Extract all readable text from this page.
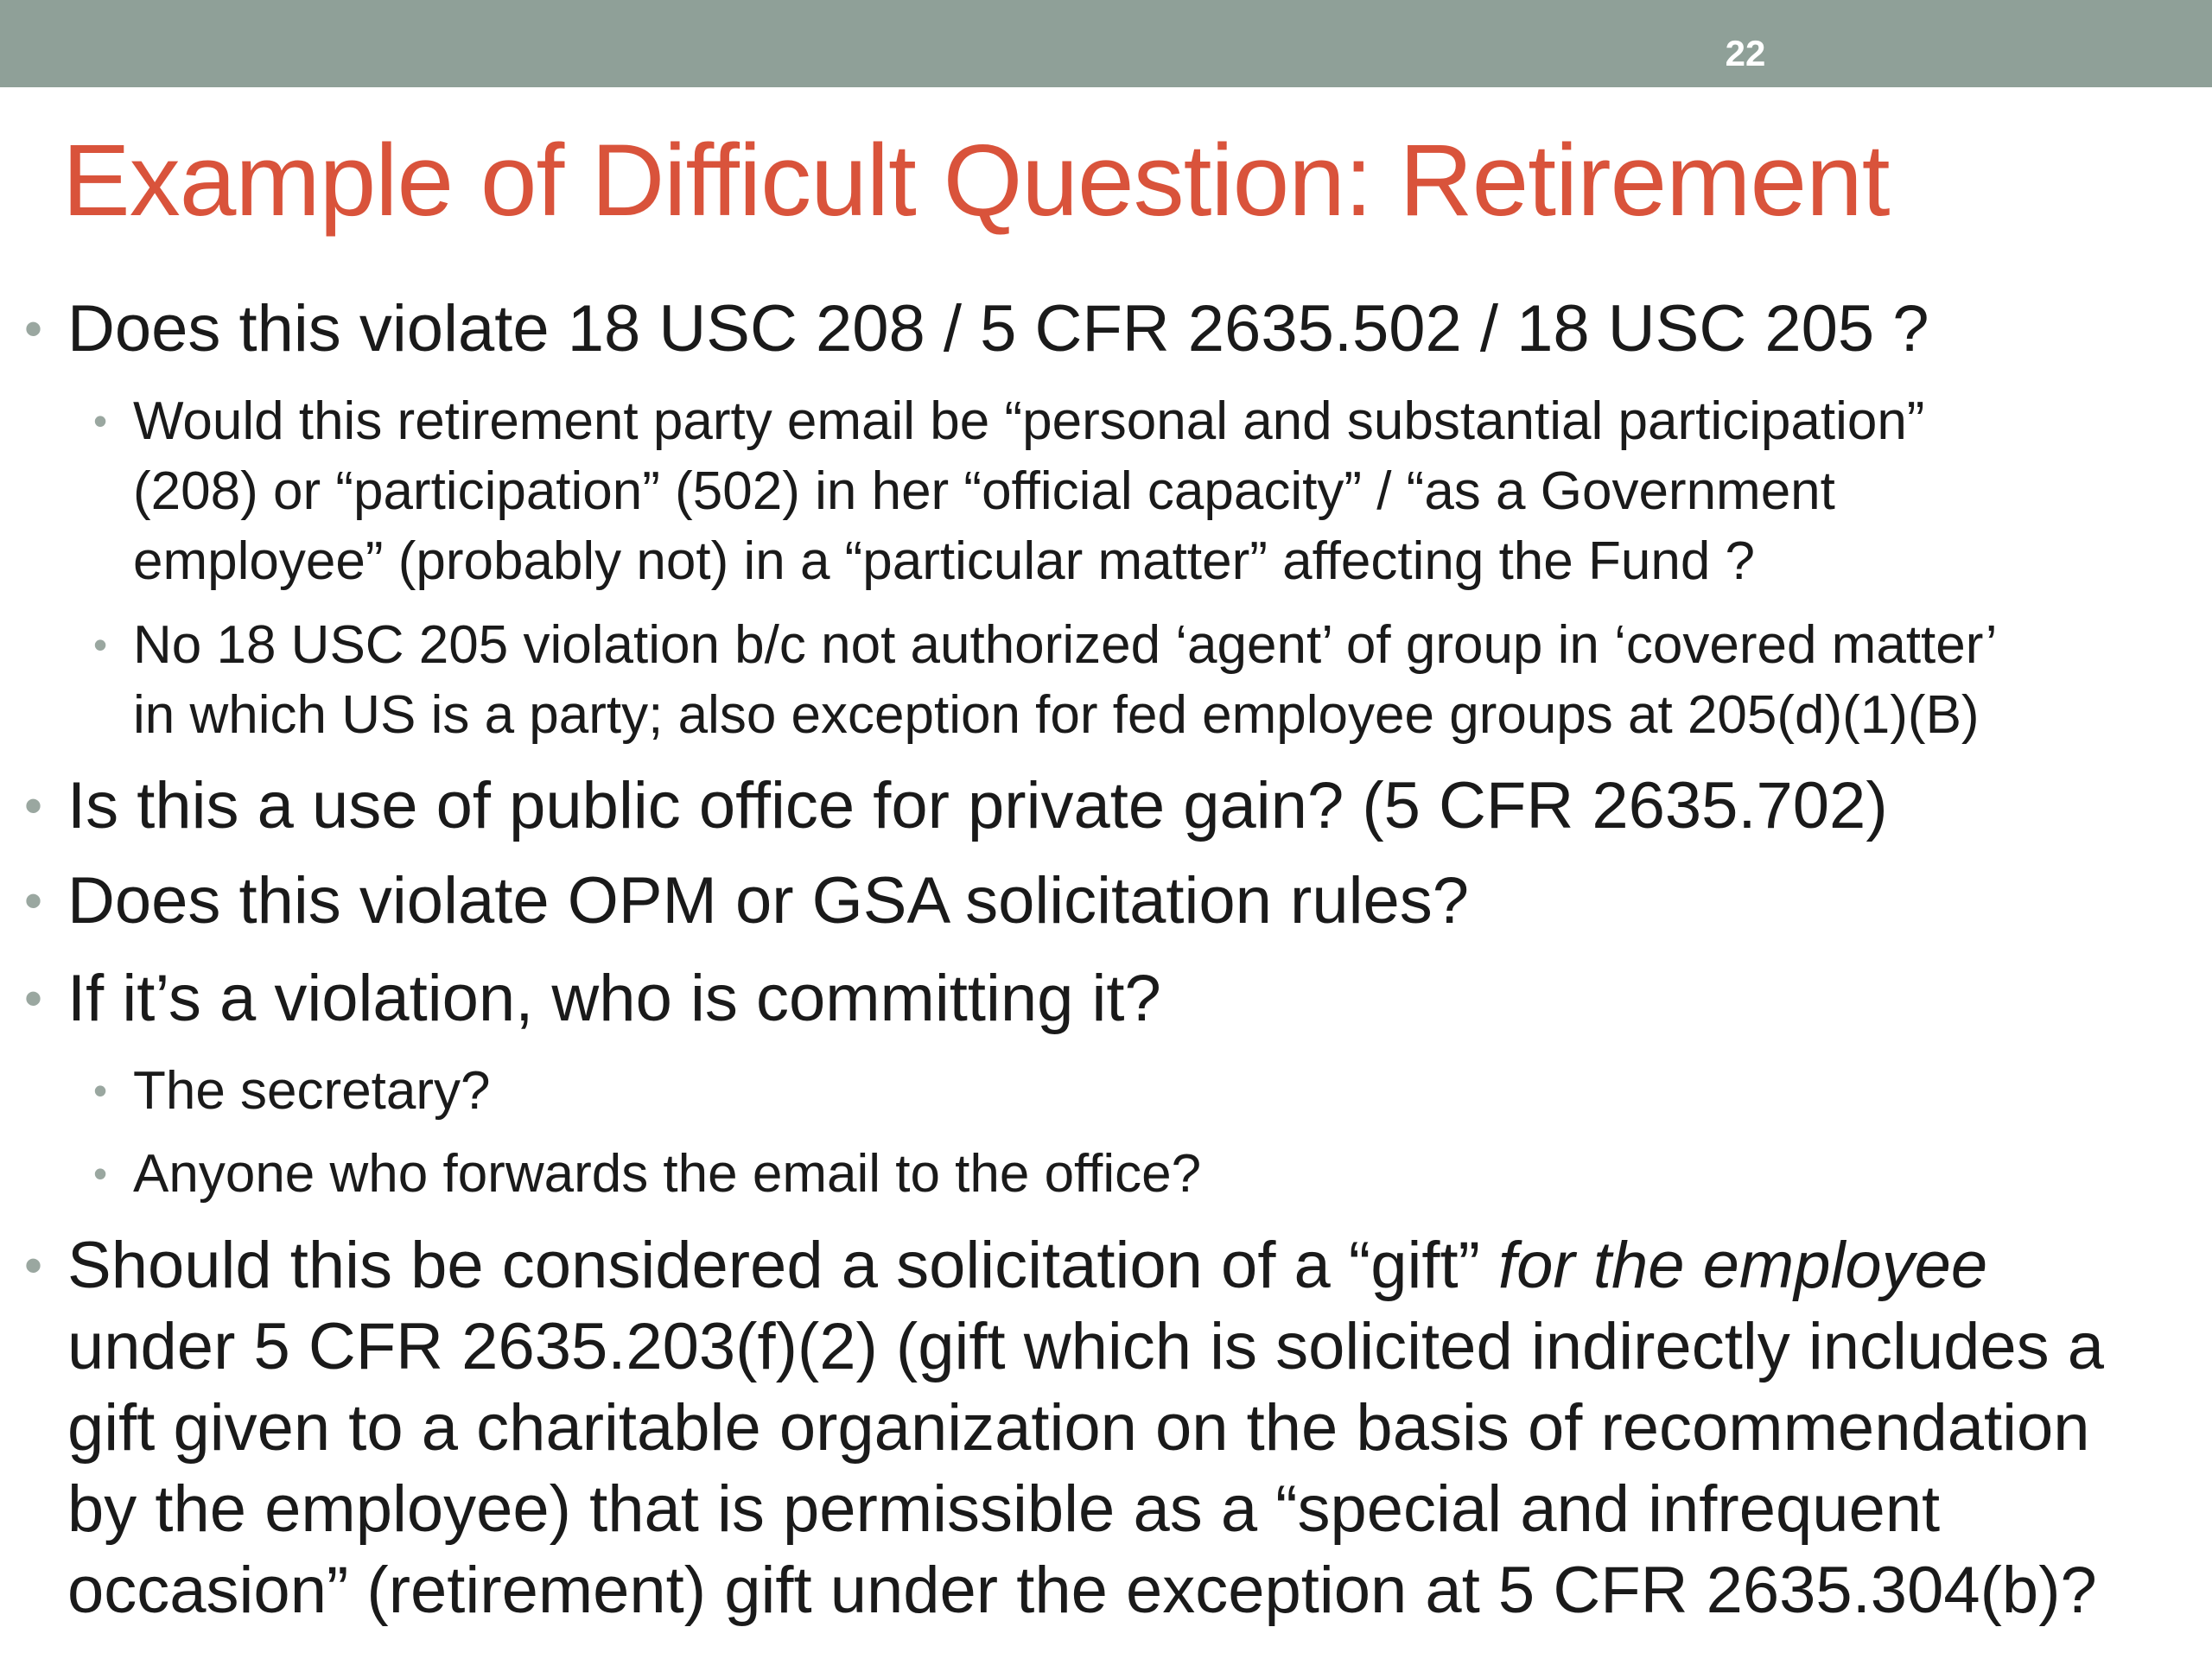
22
Example of Difficult Question: Retirement
• Does this violate 18 USC 208 / 5 CFR 2635.502 / 18 USC 205 ?
• Would this retirement party email be “personal and substantial participation”
(208) or “participation” (502) in her “official capacity” / “as a Government
employee” (probably not) in a “particular matter” affecting the Fund ?
• No 18 USC 205 violation b/c not authorized ‘agent’ of group in ‘covered matter’
in which US is a party; also exception for fed employee groups at 205(d)(1)(B)
• Is this a use of public office for private gain? (5 CFR 2635.702)
• Does this violate OPM or GSA solicitation rules?
• If it’s a violation, who is committing it?
• The secretary?
• Anyone who forwards the email to the office?
• Should this be considered a solicitation of a “gift” for the employee
under 5 CFR 2635.203(f)(2) (gift which is solicited indirectly includes a
gift given to a charitable organization on the basis of recommendation
by the employee) that is permissible as a “special and infrequent
occasion” (retirement) gift under the exception at 5 CFR 2635.304(b)?
